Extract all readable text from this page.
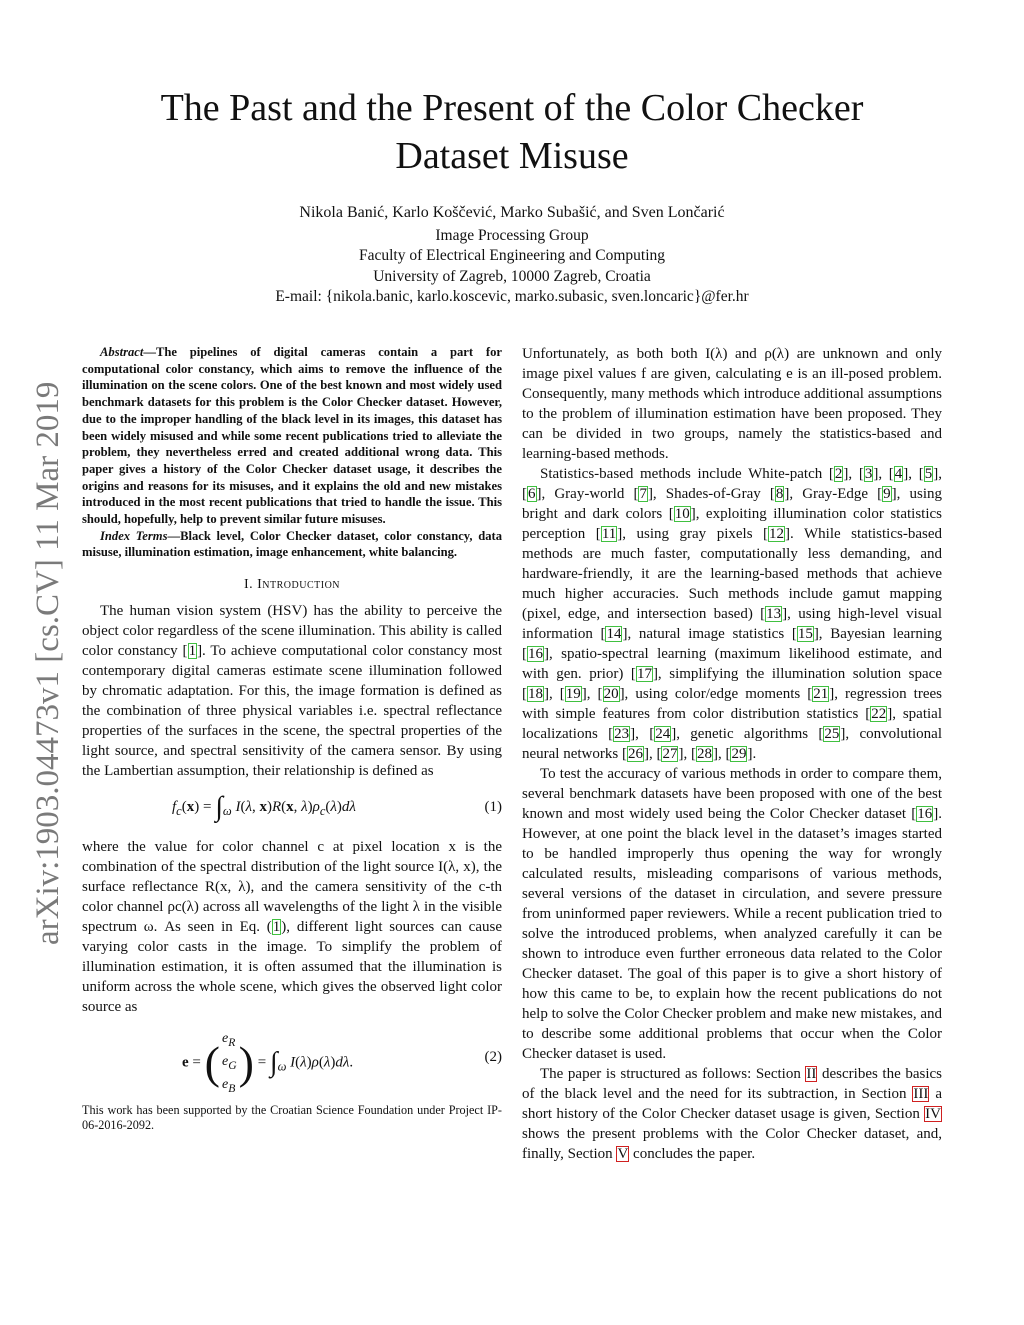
arXiv:1903.04473v1 [cs.CV] 11 Mar 2019
The Past and the Present of the Color Checker
Dataset Misuse
Nikola Banić, Karlo Koščević, Marko Subašić, and Sven Lončarić
Image Processing Group
Faculty of Electrical Engineering and Computing
University of Zagreb, 10000 Zagreb, Croatia
E-mail: {nikola.banic, karlo.koscevic, marko.subasic, sven.loncaric}@fer.hr

Abstract—The pipelines of digital cameras contain a part for computational color constancy, which aims to remove the influence of the illumination on the scene colors. One of the best known and most widely used benchmark datasets for this problem is the Color Checker dataset. However, due to the improper handling of the black level in its images, this dataset has been widely misused and while some recent publications tried to alleviate the problem, they nevertheless erred and created additional wrong data. This paper gives a history of the Color Checker dataset usage, it describes the origins and reasons for its misuses, and it explains the old and new mistakes introduced in the most recent publications that tried to handle the issue. This should, hopefully, help to prevent similar future misuses.

Index Terms—Black level, Color Checker dataset, color constancy, data misuse, illumination estimation, image enhancement, white balancing.

I. Introduction

The human vision system (HSV) has the ability to perceive the object color regardless of the scene illumination. This ability is called color constancy [1]. To achieve computational color constancy most contemporary digital cameras estimate scene illumination followed by chromatic adaptation. For this, the image formation is defined as the combination of three physical variables i.e. spectral reflectance properties of the surfaces in the scene, the spectral properties of the light source, and spectral sensitivity of the camera sensor. By using the Lambertian assumption, their relationship is defined as

$f_c(x) = \int_\omega$ I(λ, x)R(x, $\lambda)\rho_c(\lambda)d\lambda$	(1)

where the value for color channel c at pixel location x is the combination of the spectral distribution of the light source I(λ, x), the surface reflectance R(x, λ), and the camera sensitivity of the c-th color channel ρc(λ) across all wavelengths of the light λ in the visible spectrum ω. As seen in Eq. (1), different light sources can cause varying color casts in the image. To simplify the problem of illumination estimation, it is often assumed that the illumination is uniform across the whole scene, which gives the observed light color source as

e = ( $e_R$
$e_G$
$e_B$ ) = $\int_\omega$ I(λ)ρ(λ)dλ.	(2)

This work has been supported by the Croatian Science Foundation under Project IP-06-2016-2092.

Unfortunately, as both both I(λ) and ρ(λ) are unknown and only image pixel values f are given, calculating e is an ill-posed problem. Consequently, many methods which introduce additional assumptions to the problem of illumination estimation have been proposed. They can be divided in two groups, namely the statistics-based and learning-based methods.

Statistics-based methods include White-patch [2], [3], [4], [5], [6], Gray-world [7], Shades-of-Gray [8], Gray-Edge [9], using bright and dark colors [10], exploiting illumination color statistics perception [11], using gray pixels [12]. While statistics-based methods are much faster, computationally less demanding, and hardware-friendly, it are the learning-based methods that achieve much higher accuracies. Such methods include gamut mapping (pixel, edge, and intersection based) [13], using high-level visual information [14], natural image statistics [15], Bayesian learning [16], spatio-spectral learning (maximum likelihood estimate, and with gen. prior) [17], simplifying the illumination solution space [18], [19], [20], using color/edge moments [21], regression trees with simple features from color distribution statistics [22], spatial localizations [23], [24], genetic algorithms [25], convolutional neural networks [26], [27], [28], [29].

To test the accuracy of various methods in order to compare them, several benchmark datasets have been proposed with one of the best known and most widely used being the Color Checker dataset [16]. However, at one point the black level in the dataset’s images started to be handled improperly thus opening the way for wrongly calculated results, misleading comparisons of various methods, several versions of the dataset in circulation, and severe pressure from uninformed paper reviewers. While a recent publication tried to solve the introduced problems, when analyzed carefully it can be shown to introduce even further erroneous data related to the Color Checker dataset. The goal of this paper is to give a short history of how this came to be, to explain how the recent publications do not help to solve the Color Checker problem and make new mistakes, and to describe some additional problems that occur when the Color Checker dataset is used.

The paper is structured as follows: Section II describes the basics of the black level and the need for its subtraction, in Section III a short history of the Color Checker dataset usage is given, Section IV shows the present problems with the Color Checker dataset, and, finally, Section V concludes the paper.
